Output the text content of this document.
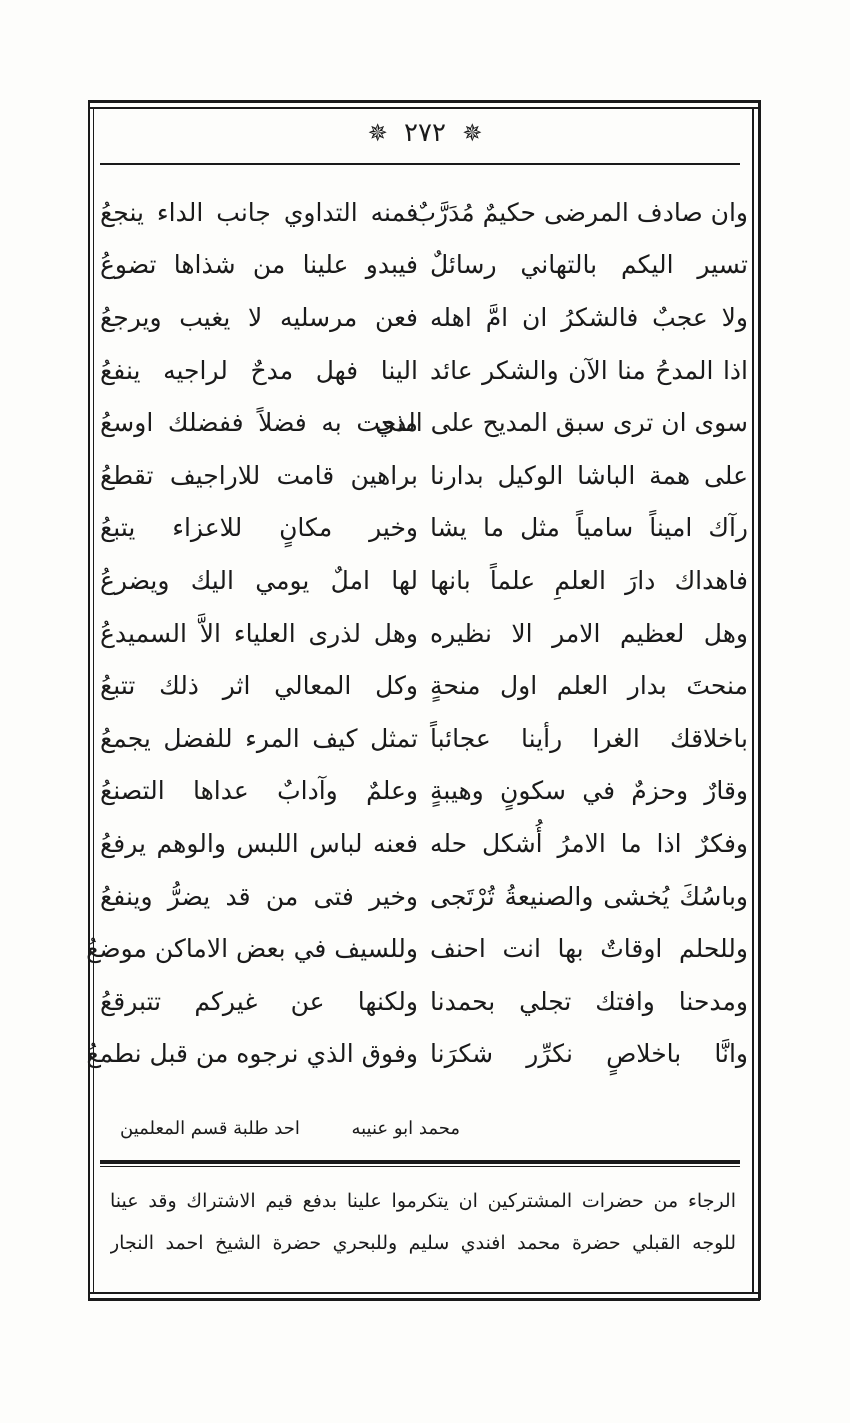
✵ ٢٧٢ ✵
وان صادف المرضى حكيمٌ مُدَرَّبٌ
فمنه التداوي جانب الداء ينجعُ
تسير اليكم بالتهاني رسائلٌ
فيبدو علينا من شذاها تضوعُ
ولا عجبٌ فالشكرُ ان امَّ اهله
فعن مرسليه لا يغيب ويرجعُ
اذا المدحُ منا الآن والشكر عائد
الينا فهل مدحٌ لراجيه ينفعُ
سوى ان ترى سبق المديح على الذي
منحت به فضلاً ففضلك اوسعُ
على همة الباشا الوكيل بدارنا
براهين قامت للاراجيف تقطعُ
رآك اميناً سامياً مثل ما يشا
وخير مكانٍ للاعزاء يتبعُ
فاهداك دارَ العلمِ علماً بانها
لها املٌ يومي اليك ويضرعُ
وهل لعظيم الامر الا نظيره
وهل لذرى العلياء الاَّ السميدعُ
منحتَ بدار العلم اول منحةٍ
وكل المعالي اثر ذلك تتبعُ
باخلاقك الغرا رأينا عجائباً
تمثل كيف المرء للفضل يجمعُ
وقارٌ وحزمٌ في سكونٍ وهيبةٍ
وعلمٌ وآدابٌ عداها التصنعُ
وفكرٌ اذا ما الامرُ أُشكل حله
فعنه لباس اللبس والوهم يرفعُ
وباسُكَ يُخشى والصنيعةُ تُرْتَجى
وخير فتى من قد يضرُّ وينفعُ
وللحلم اوقاتٌ بها انت احنف
وللسيف في بعض الاماكن موضعُ
ومدحنا وافتك تجلي بحمدنا
ولكنها عن غيركم تتبرقعُ
وانَّا باخلاصٍ نكرِّر شكرَنا
وفوق الذي نرجوه من قبل نطمعُ
محمد ابو عنيبه
احد طلبة قسم المعلمين
الرجاء من حضرات المشتركين ان يتكرموا علينا بدفع قيم الاشتراك وقد عينا
للوجه القبلي حضرة محمد افندي سليم وللبحري حضرة الشيخ احمد النجار
